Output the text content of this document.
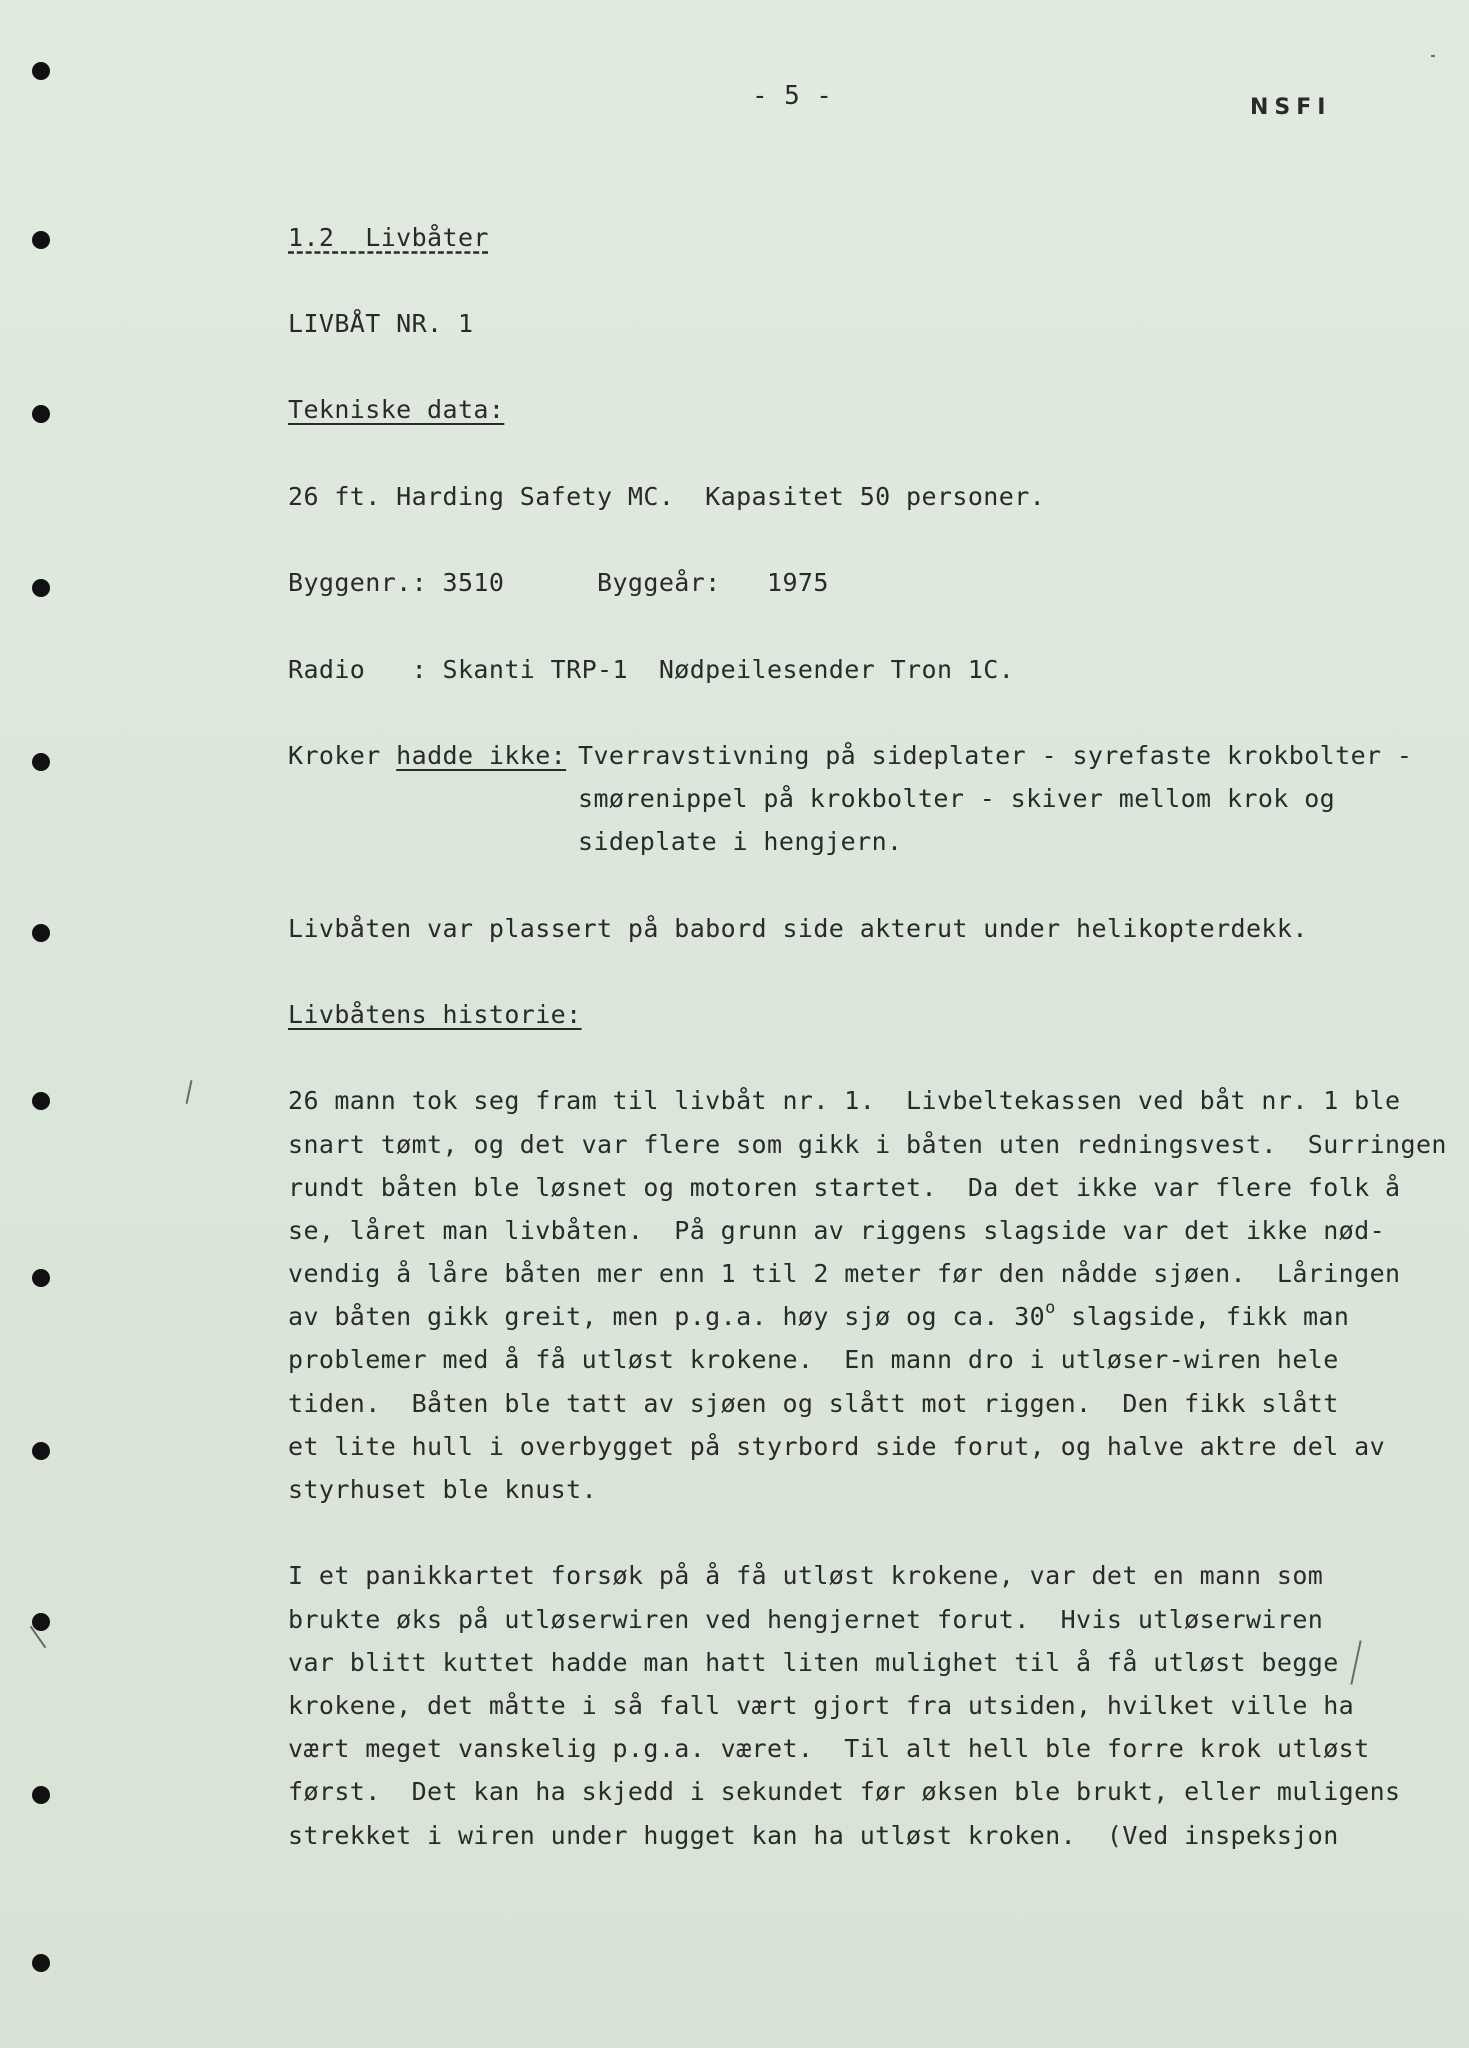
- 5 -	NSFI
1.2  Livbåter
LIVBÅT NR. 1
Tekniske data:
26 ft. Harding Safety MC.  Kapasitet 50 personer.
Byggenr.: 3510      Byggeår:   1975
Radio   : Skanti TRP-1  Nødpeilesender Tron 1C.
Kroker hadde ikke: Tverravstivning på sideplater - syrefaste krokbolter -
smørenippel på krokbolter - skiver mellom krok og
sideplate i hengjern.
Livbåten var plassert på babord side akterut under helikopterdekk.
Livbåtens historie:
26 mann tok seg fram til livbåt nr. 1.  Livbeltekassen ved båt nr. 1 ble
snart tømt, og det var flere som gikk i båten uten redningsvest.  Surringen
rundt båten ble løsnet og motoren startet.  Da det ikke var flere folk å
se, låret man livbåten.  På grunn av riggens slagside var det ikke nød-
vendig å låre båten mer enn 1 til 2 meter før den nådde sjøen.  Låringen
av båten gikk greit, men p.g.a. høy sjø og ca. 30$^o$ slagside, fikk man
problemer med å få utløst krokene.  En mann dro i utløser-wiren hele
tiden.  Båten ble tatt av sjøen og slått mot riggen.  Den fikk slått
et lite hull i overbygget på styrbord side forut, og halve aktre del av
styrhuset ble knust.
I et panikkartet forsøk på å få utløst krokene, var det en mann som
brukte øks på utløserwiren ved hengjernet forut.  Hvis utløserwiren
var blitt kuttet hadde man hatt liten mulighet til å få utløst begge
krokene, det måtte i så fall vært gjort fra utsiden, hvilket ville ha
vært meget vanskelig p.g.a. været.  Til alt hell ble forre krok utløst
først.  Det kan ha skjedd i sekundet før øksen ble brukt, eller muligens
strekket i wiren under hugget kan ha utløst kroken.  (Ved inspeksjon
